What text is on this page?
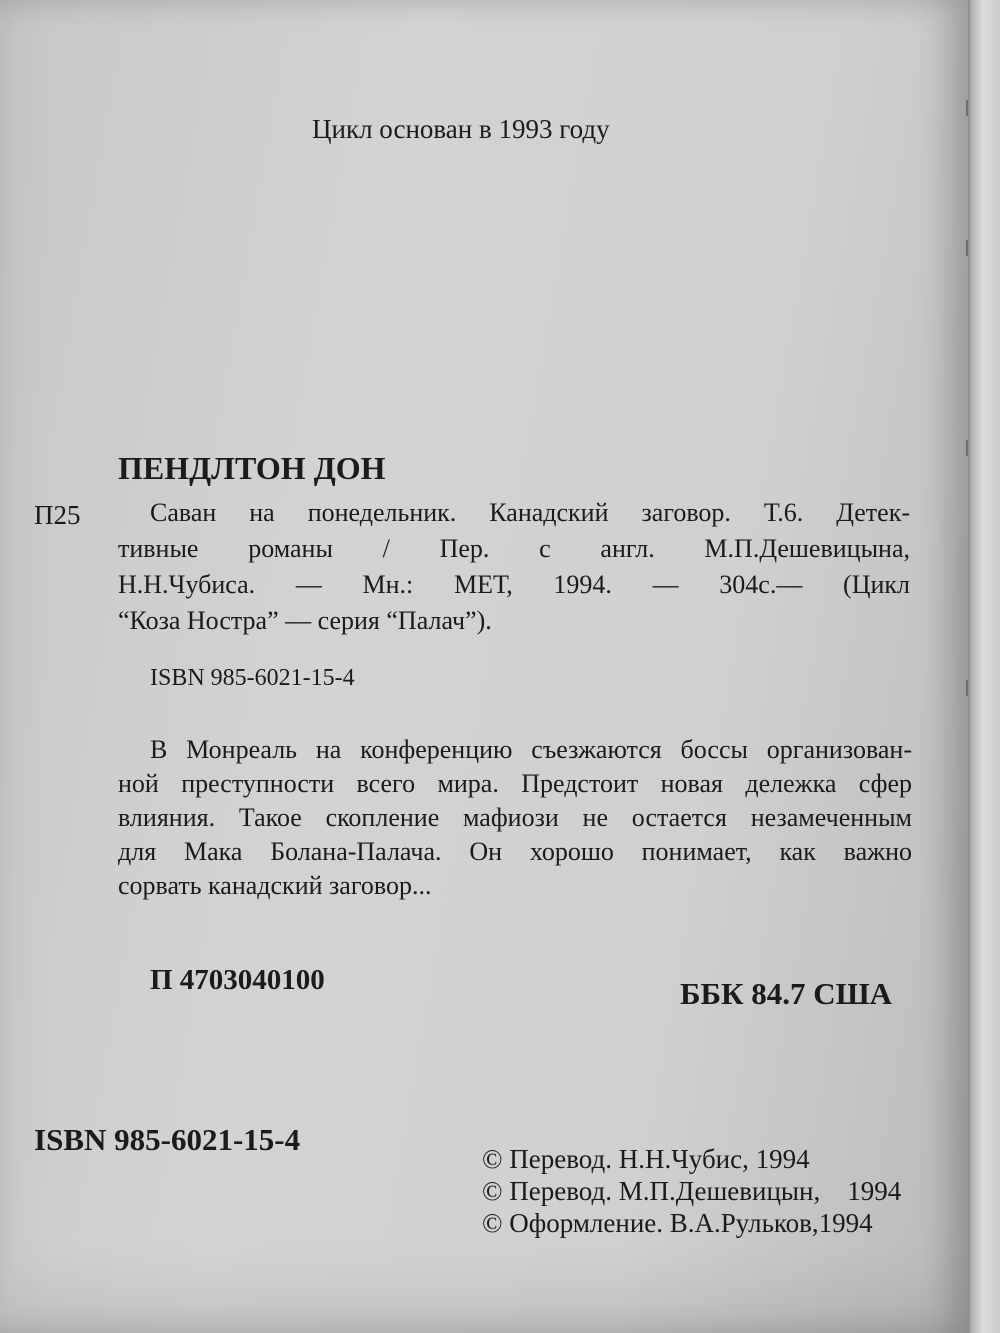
Цикл основан в 1993 году
ПЕНДЛТОН ДОН
П25	Саван на понедельник. Канадский заговор. Т.6. Детек-
тивные романы / Пер. с англ. М.П.Дешевицына,
Н.Н.Чубиса. — Мн.: МЕТ, 1994. — 304с.— (Цикл
“Коза Ностра” — серия “Палач”).
ISBN 985-6021-15-4
В Монреаль на конференцию съезжаются боссы организован-
ной преступности всего мира. Предстоит новая дележка сфер
влияния. Такое скопление мафиози не остается незамеченным
для Мака Болана-Палача. Он хорошо понимает, как важно
сорвать канадский заговор...
П 4703040100	ББК 84.7 США
ISBN 985-6021-15-4
© Перевод. Н.Н.Чубис, 1994
© Перевод. М.П.Дешевицын,    1994
© Оформление. В.А.Рульков,1994
